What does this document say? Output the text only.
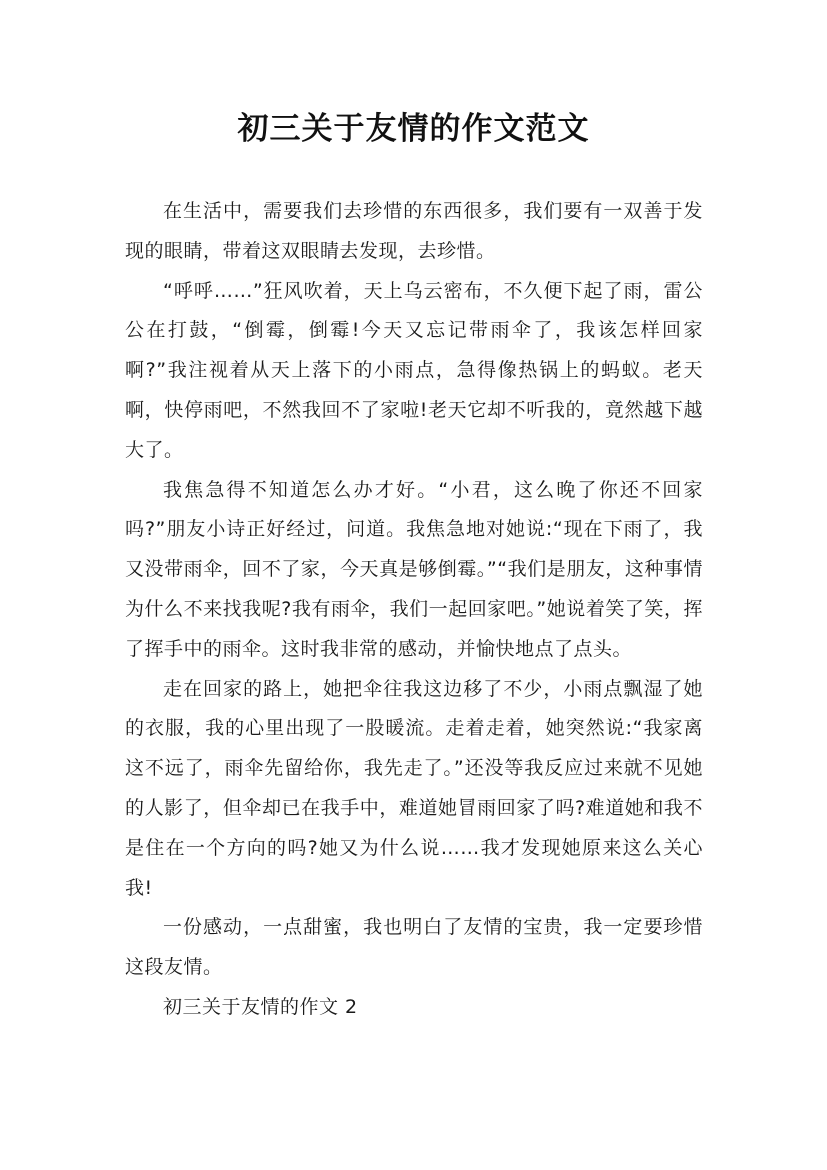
初三关于友情的作文范文

在生活中，需要我们去珍惜的东西很多，我们要有一双善于发现的眼睛，带着这双眼睛去发现，去珍惜。

“呼呼……”狂风吹着，天上乌云密布，不久便下起了雨，雷公公在打鼓，“倒霉，倒霉!今天又忘记带雨伞了，我该怎样回家啊?”我注视着从天上落下的小雨点，急得像热锅上的蚂蚁。老天啊，快停雨吧，不然我回不了家啦!老天它却不听我的，竟然越下越大了。

我焦急得不知道怎么办才好。“小君，这么晚了你还不回家吗?”朋友小诗正好经过，问道。我焦急地对她说:“现在下雨了，我又没带雨伞，回不了家，今天真是够倒霉。”“我们是朋友，这种事情为什么不来找我呢?我有雨伞，我们一起回家吧。”她说着笑了笑，挥了挥手中的雨伞。这时我非常的感动，并愉快地点了点头。

走在回家的路上，她把伞往我这边移了不少，小雨点飘湿了她的衣服，我的心里出现了一股暖流。走着走着，她突然说:“我家离这不远了，雨伞先留给你，我先走了。”还没等我反应过来就不见她的人影了，但伞却已在我手中，难道她冒雨回家了吗?难道她和我不是住在一个方向的吗?她又为什么说……我才发现她原来这么关心我!

一份感动，一点甜蜜，我也明白了友情的宝贵，我一定要珍惜这段友情。

初三关于友情的作文 2
